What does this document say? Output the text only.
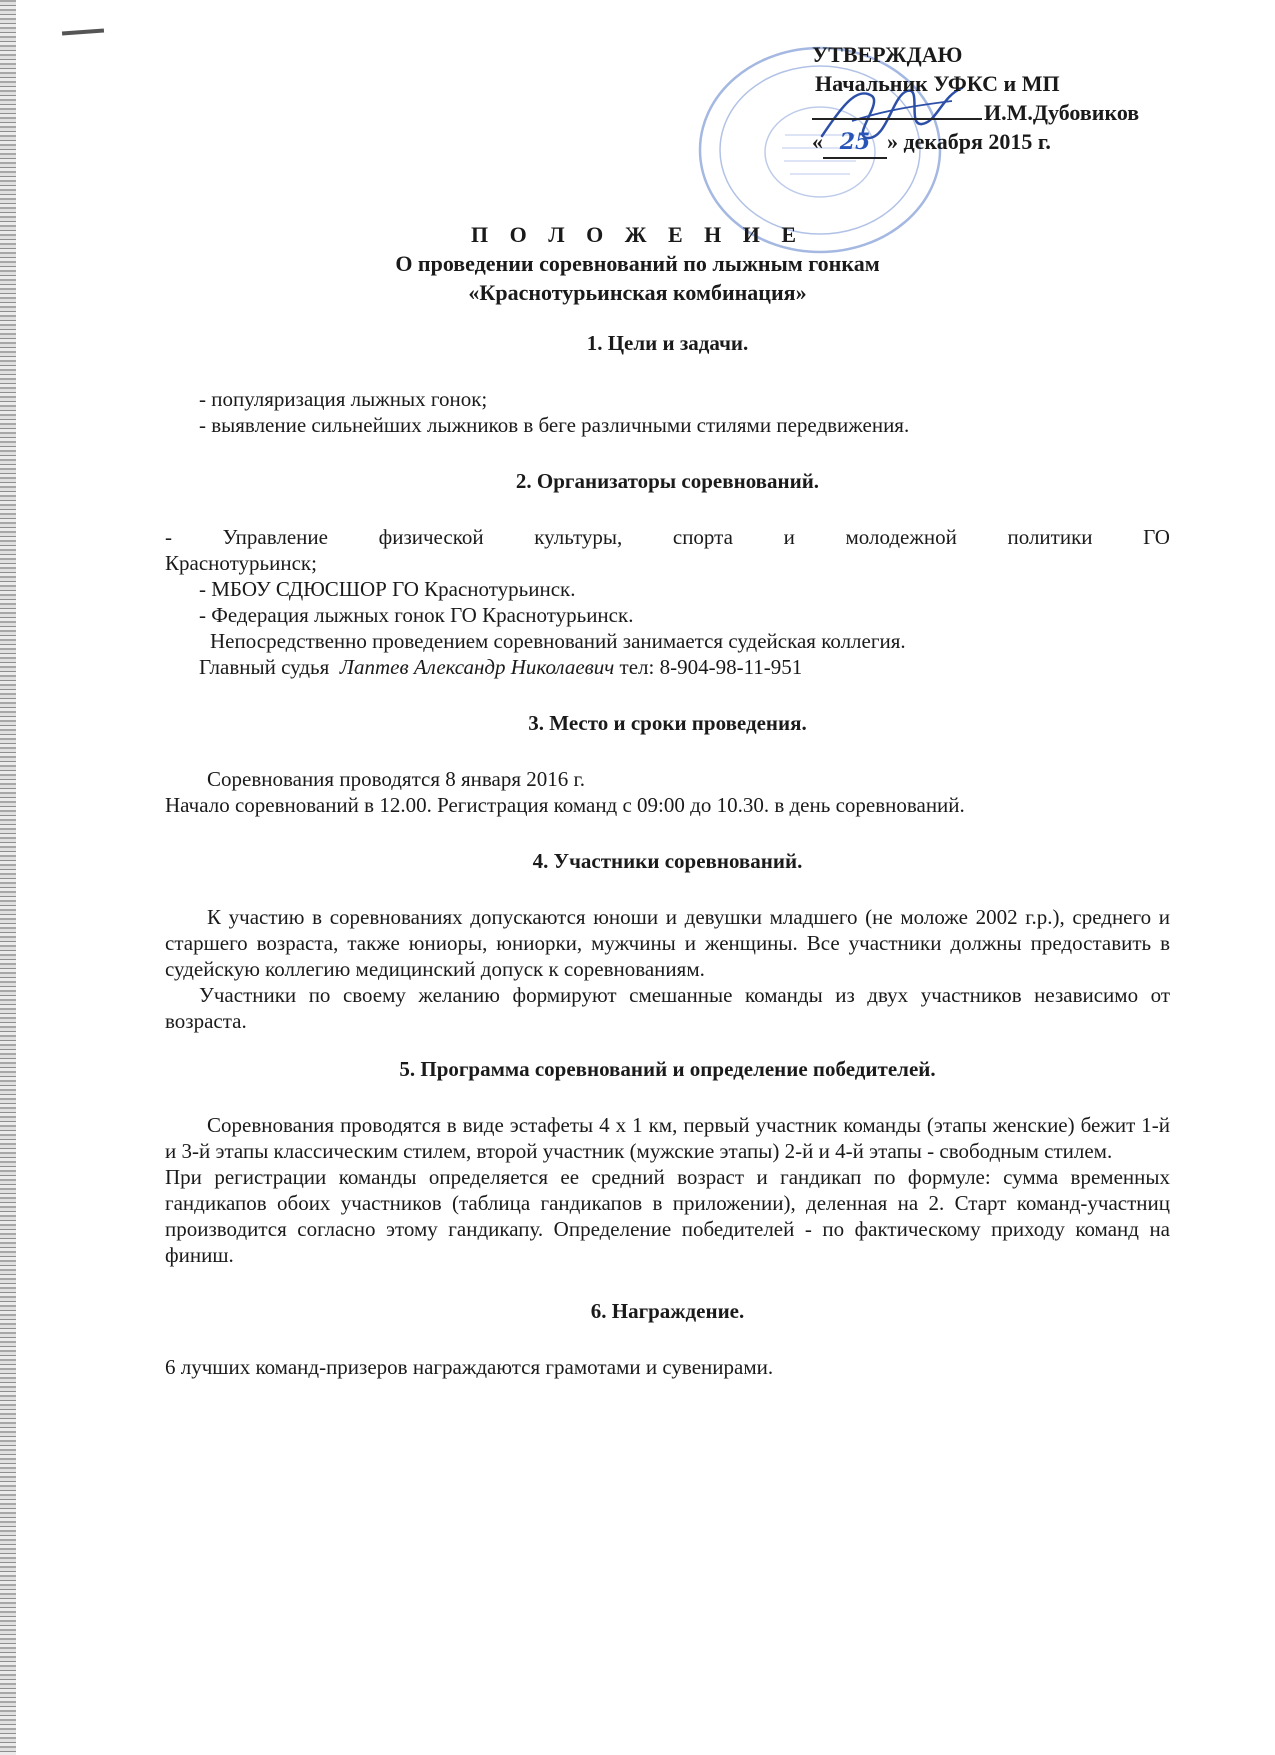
УТВЕРЖДАЮ
Начальник УФКС и МП
И.М.Дубовиков
« 25 » декабря 2015 г.
П О Л О Ж Е Н И Е
О проведении соревнований по лыжным гонкам
«Краснотурьинская комбинация»

1. Цели и задачи.

- популяризация лыжных гонок;

- выявление сильнейших лыжников в беге различными стилями передвижения.

2. Организаторы соревнований.

- Управление физической культуры, спорта и молодежной политики ГО

Краснотурьинск;

- МБОУ СДЮСШОР ГО Краснотурьинск.

- Федерация лыжных гонок ГО Краснотурьинск.

Непосредственно проведением соревнований занимается судейская коллегия.

Главный судья Лаптев Александр Николаевич тел: 8-904-98-11-951

3. Место и сроки проведения.

Соревнования проводятся 8 января 2016 г.

Начало соревнований в 12.00. Регистрация команд с 09:00 до 10.30. в день соревнований.

4. Участники соревнований.

К участию в соревнованиях допускаются юноши и девушки младшего (не моложе 2002 г.р.), среднего и старшего возраста, также юниоры, юниорки, мужчины и женщины. Все участники должны предоставить в судейскую коллегию медицинский допуск к соревнованиям.

Участники по своему желанию формируют смешанные команды из двух участников независимо от возраста.

5. Программа соревнований и определение победителей.

Соревнования проводятся в виде эстафеты 4 х 1 км, первый участник команды (этапы женские) бежит 1-й и 3-й этапы классическим стилем, второй участник (мужские этапы) 2-й и 4-й этапы - свободным стилем.

При регистрации команды определяется ее средний возраст и гандикап по формуле: сумма временных гандикапов обоих участников (таблица гандикапов в приложении), деленная на 2. Старт команд-участниц производится согласно этому гандикапу. Определение победителей - по фактическому приходу команд на финиш.

6. Награждение.

6 лучших команд-призеров награждаются грамотами и сувенирами.
